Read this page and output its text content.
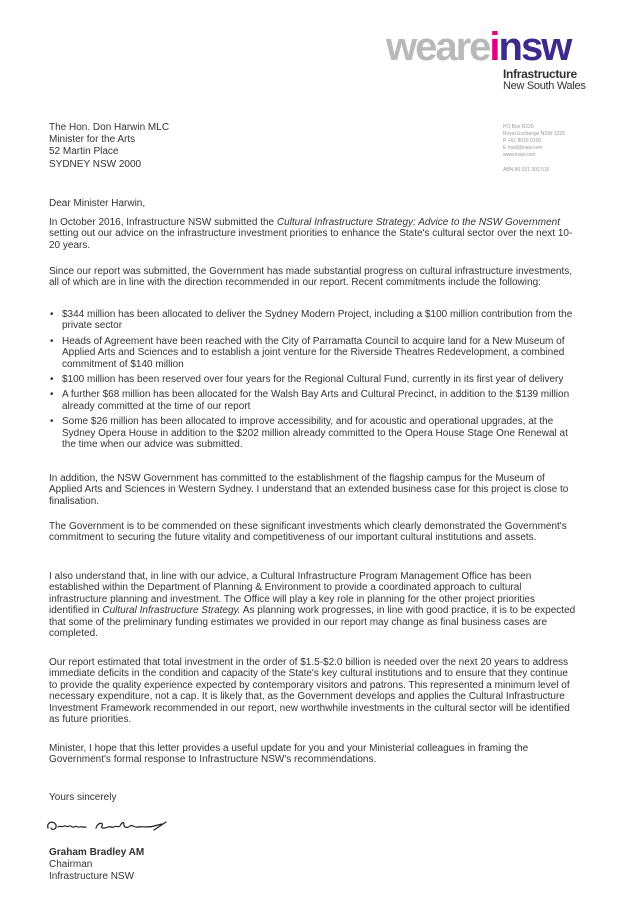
weareinsw
Infrastructure
New South Wales
PO Box R220
Royal Exchange NSW 1225
P +61 8016 0100
E mail@insw.com
www.insw.com
ABN 85 031 302 516
The Hon. Don Harwin MLC
Minister for the Arts
52 Martin Place
SYDNEY NSW 2000
Dear Minister Harwin,

In October 2016, Infrastructure NSW submitted the Cultural Infrastructure Strategy: Advice to the NSW Government setting out our advice on the infrastructure investment priorities to enhance the State's cultural sector over the next 10-20 years.

Since our report was submitted, the Government has made substantial progress on cultural infrastructure investments, all of which are in line with the direction recommended in our report. Recent commitments include the following:
• $344 million has been allocated to deliver the Sydney Modern Project, including a $100 million contribution from the private sector
• Heads of Agreement have been reached with the City of Parramatta Council to acquire land for a New Museum of Applied Arts and Sciences and to establish a joint venture for the Riverside Theatres Redevelopment, a combined commitment of $140 million
• $100 million has been reserved over four years for the Regional Cultural Fund, currently in its first year of delivery
• A further $68 million has been allocated for the Walsh Bay Arts and Cultural Precinct, in addition to the $139 million already committed at the time of our report
• Some $26 million has been allocated to improve accessibility, and for acoustic and operational upgrades, at the Sydney Opera House in addition to the $202 million already committed to the Opera House Stage One Renewal at the time when our advice was submitted.
In addition, the NSW Government has committed to the establishment of the flagship campus for the Museum of Applied Arts and Sciences in Western Sydney. I understand that an extended business case for this project is close to finalisation.
The Government is to be commended on these significant investments which clearly demonstrated the Government's commitment to securing the future vitality and competitiveness of our important cultural institutions and assets.

I also understand that, in line with our advice, a Cultural Infrastructure Program Management Office has been established within the Department of Planning & Environment to provide a coordinated approach to cultural infrastructure planning and investment. The Office will play a key role in planning for the other project priorities identified in Cultural Infrastructure Strategy. As planning work progresses, in line with good practice, it is to be expected that some of the preliminary funding estimates we provided in our report may change as final business cases are completed.

Our report estimated that total investment in the order of $1.5-$2.0 billion is needed over the next 20 years to address immediate deficits in the condition and capacity of the State's key cultural institutions and to ensure that they continue to provide the quality experience expected by contemporary visitors and patrons. This represented a minimum level of necessary expenditure, not a cap. It is likely that, as the Government develops and applies the Cultural Infrastructure Investment Framework recommended in our report, new worthwhile investments in the cultural sector will be identified as future priorities.
Minister, I hope that this letter provides a useful update for you and your Ministerial colleagues in framing the Government's formal response to Infrastructure NSW's recommendations.
Yours sincerely
Graham Bradley AM
Chairman
Infrastructure NSW
